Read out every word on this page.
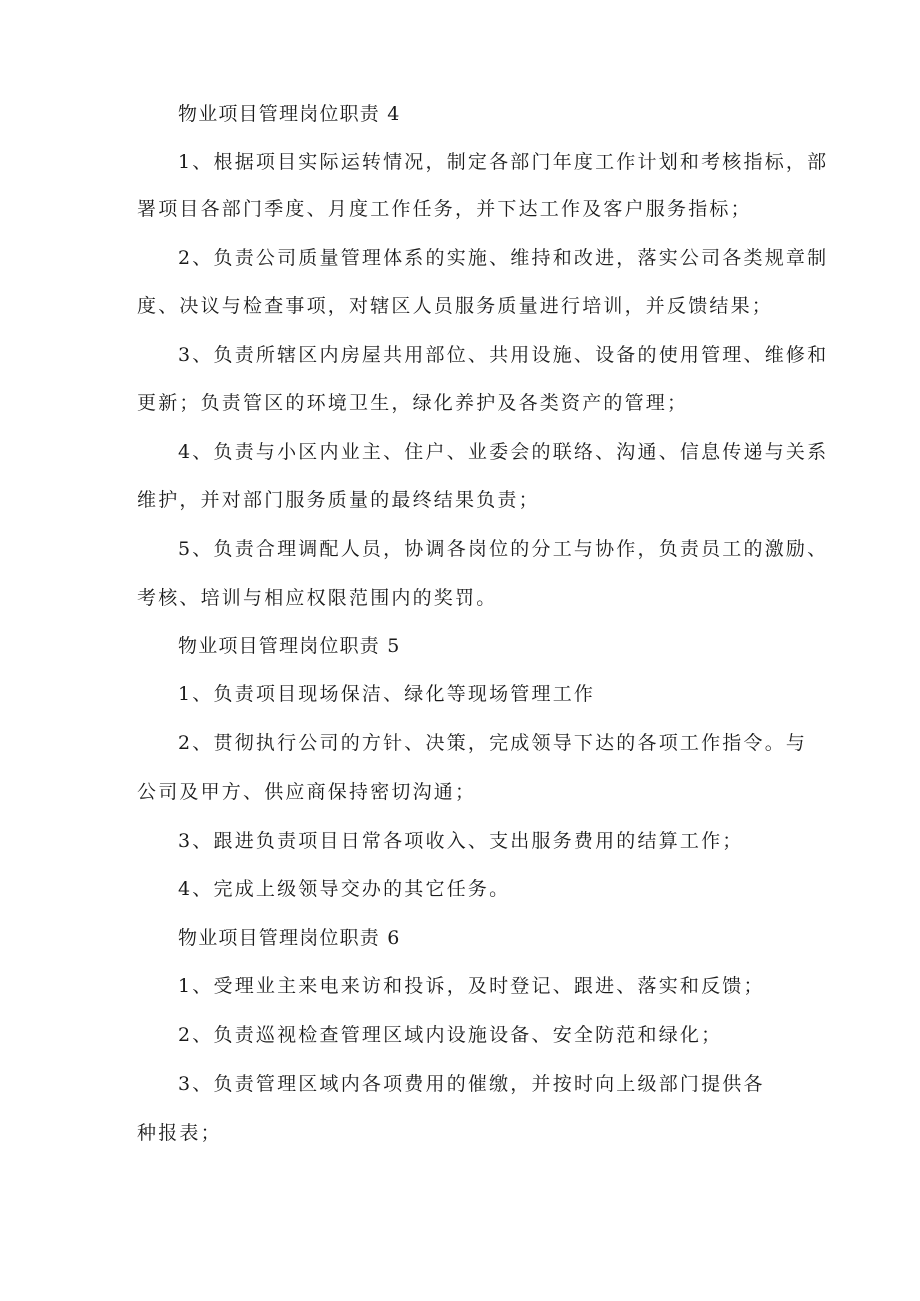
物业项目管理岗位职责 4
1、根据项目实际运转情况，制定各部门年度工作计划和考核指标，部
署项目各部门季度、月度工作任务，并下达工作及客户服务指标；
2、负责公司质量管理体系的实施、维持和改进，落实公司各类规章制
度、决议与检查事项，对辖区人员服务质量进行培训，并反馈结果；
3、负责所辖区内房屋共用部位、共用设施、设备的使用管理、维修和
更新；负责管区的环境卫生，绿化养护及各类资产的管理；
4、负责与小区内业主、住户、业委会的联络、沟通、信息传递与关系
维护，并对部门服务质量的最终结果负责；
5、负责合理调配人员，协调各岗位的分工与协作，负责员工的激励、
考核、培训与相应权限范围内的奖罚。
物业项目管理岗位职责 5
1、负责项目现场保洁、绿化等现场管理工作
2、贯彻执行公司的方针、决策，完成领导下达的各项工作指令。与
公司及甲方、供应商保持密切沟通；
3、跟进负责项目日常各项收入、支出服务费用的结算工作；
4、完成上级领导交办的其它任务。
物业项目管理岗位职责 6
1、受理业主来电来访和投诉，及时登记、跟进、落实和反馈；
2、负责巡视检查管理区域内设施设备、安全防范和绿化；
3、负责管理区域内各项费用的催缴，并按时向上级部门提供各
种报表；
